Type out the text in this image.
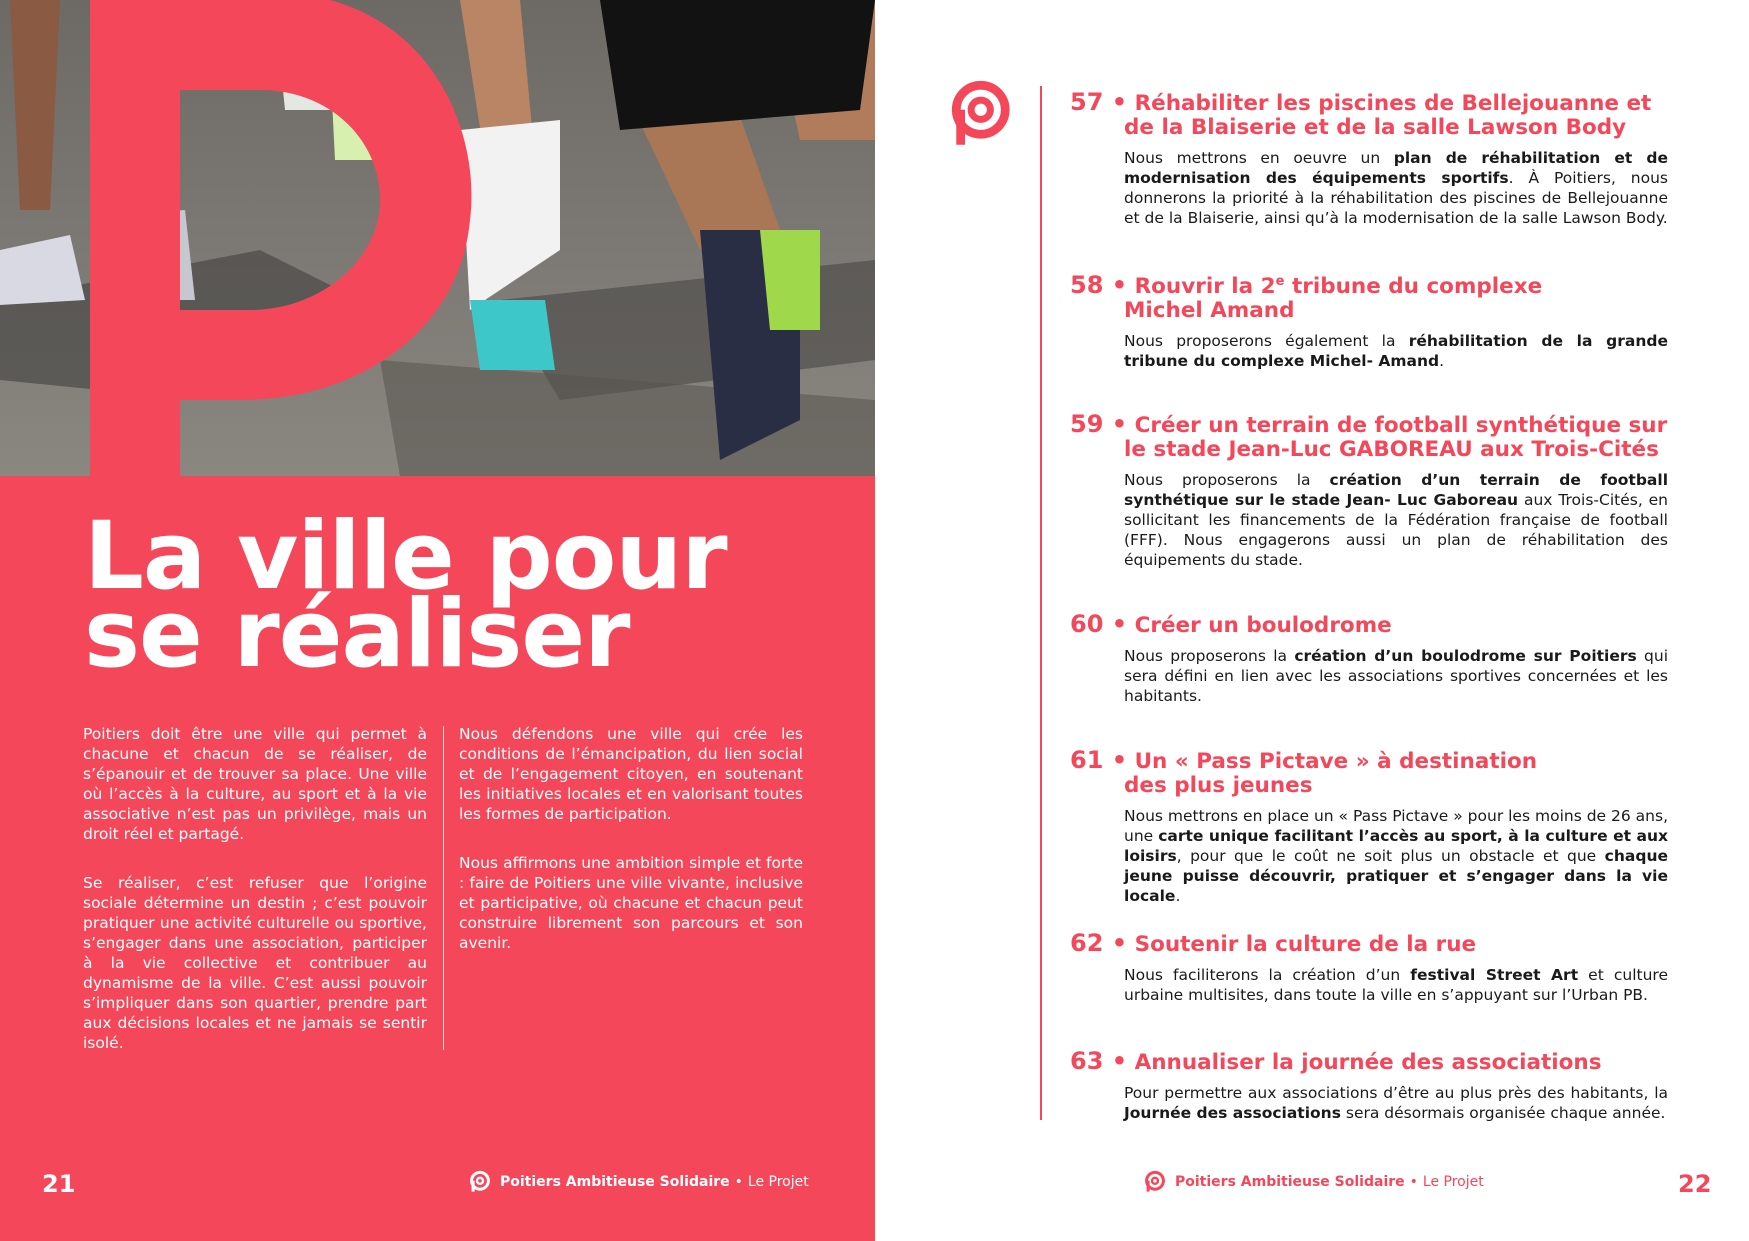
La ville pour
se réaliser

Poitiers doit être une ville qui permet à chacune et chacun de se réaliser, de s’épanouir et de trouver sa place. Une ville où l’accès à la culture, au sport et à la vie associative n’est pas un privilège, mais un droit réel et partagé.

Se réaliser, c’est refuser que l’origine sociale détermine un destin ; c’est pouvoir pratiquer une activité culturelle ou sportive, s’engager dans une association, participer à la vie collective et contribuer au dynamisme de la ville. C’est aussi pouvoir s’impliquer dans son quartier, prendre part aux décisions locales et ne jamais se sentir isolé.

Nous défendons une ville qui crée les conditions de l’émancipation, du lien social et de l’engagement citoyen, en soutenant les initiatives locales et en valorisant toutes les formes de participation.

Nous affirmons une ambition simple et forte : faire de Poitiers une ville vivante, inclusive et participative, où chacune et chacun peut construire librement son parcours et son avenir.

21	Poitiers Ambitieuse Solidaire • Le Projet
57 • Réhabiliter les piscines de Bellejouanne et
de la Blaiserie et de la salle Lawson Body

Nous mettrons en oeuvre un plan de réhabilitation et de modernisation des équipements sportifs. À Poitiers, nous donnerons la priorité à la réhabilitation des piscines de Bellejouanne et de la Blaiserie, ainsi qu’à la modernisation de la salle Lawson Body.

58 • Rouvrir la 2e tribune du complexe
Michel Amand

Nous proposerons également la réhabilitation de la grande tribune du complexe Michel- Amand.

59 • Créer un terrain de football synthétique sur
le stade Jean-Luc GABOREAU aux Trois-Cités

Nous proposerons la création d’un terrain de football synthétique sur le stade Jean- Luc Gaboreau aux Trois-Cités, en sollicitant les financements de la Fédération française de football (FFF). Nous engagerons aussi un plan de réhabilitation des équipements du stade.

60 • Créer un boulodrome

Nous proposerons la création d’un boulodrome sur Poitiers qui sera défini en lien avec les associations sportives concernées et les habitants.

61 • Un « Pass Pictave » à destination
des plus jeunes

Nous mettrons en place un « Pass Pictave » pour les moins de 26 ans, une carte unique facilitant l’accès au sport, à la culture et aux loisirs, pour que le coût ne soit plus un obstacle et que chaque jeune puisse découvrir, pratiquer et s’engager dans la vie locale.

62 • Soutenir la culture de la rue

Nous faciliterons la création d’un festival Street Art et culture urbaine multisites, dans toute la ville en s’appuyant sur l’Urban PB.

63 • Annualiser la journée des associations

Pour permettre aux associations d’être au plus près des habitants, la Journée des associations sera désormais organisée chaque année.

Poitiers Ambitieuse Solidaire • Le Projet	22
